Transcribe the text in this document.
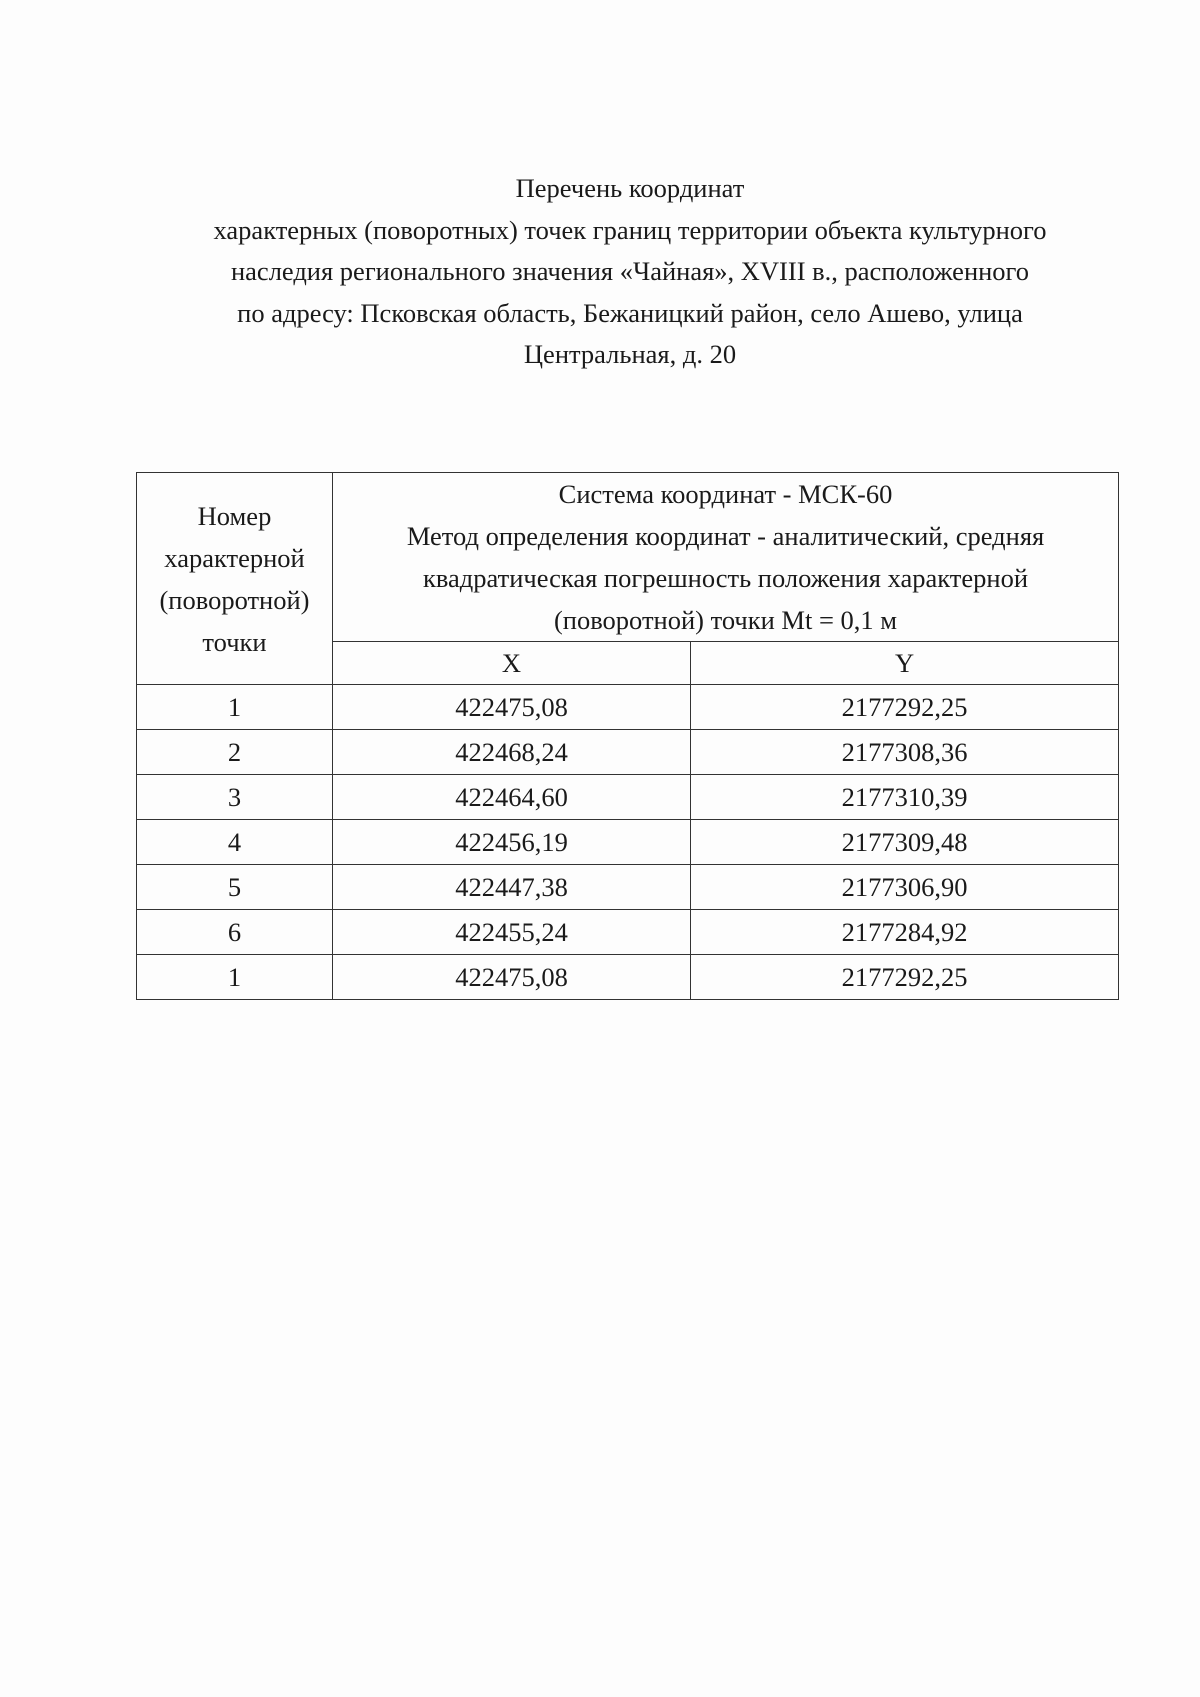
Перечень координат
характерных (поворотных) точек границ территории объекта культурного
наследия регионального значения «Чайная», XVIII в., расположенного
по адресу: Псковская область, Бежаницкий район, село Ашево, улица
Центральная, д. 20
Номер
характерной
(поворотной)
точки	Система координат - МСК-60
Метод определения координат - аналитический, средняя
квадратическая погрешность положения характерной
(поворотной) точки Mt = 0,1 м	

	X	Y
1	422475,08	2177292,25
2	422468,24	2177308,36
3	422464,60	2177310,39
4	422456,19	2177309,48
5	422447,38	2177306,90
6	422455,24	2177284,92
1	422475,08	2177292,25
